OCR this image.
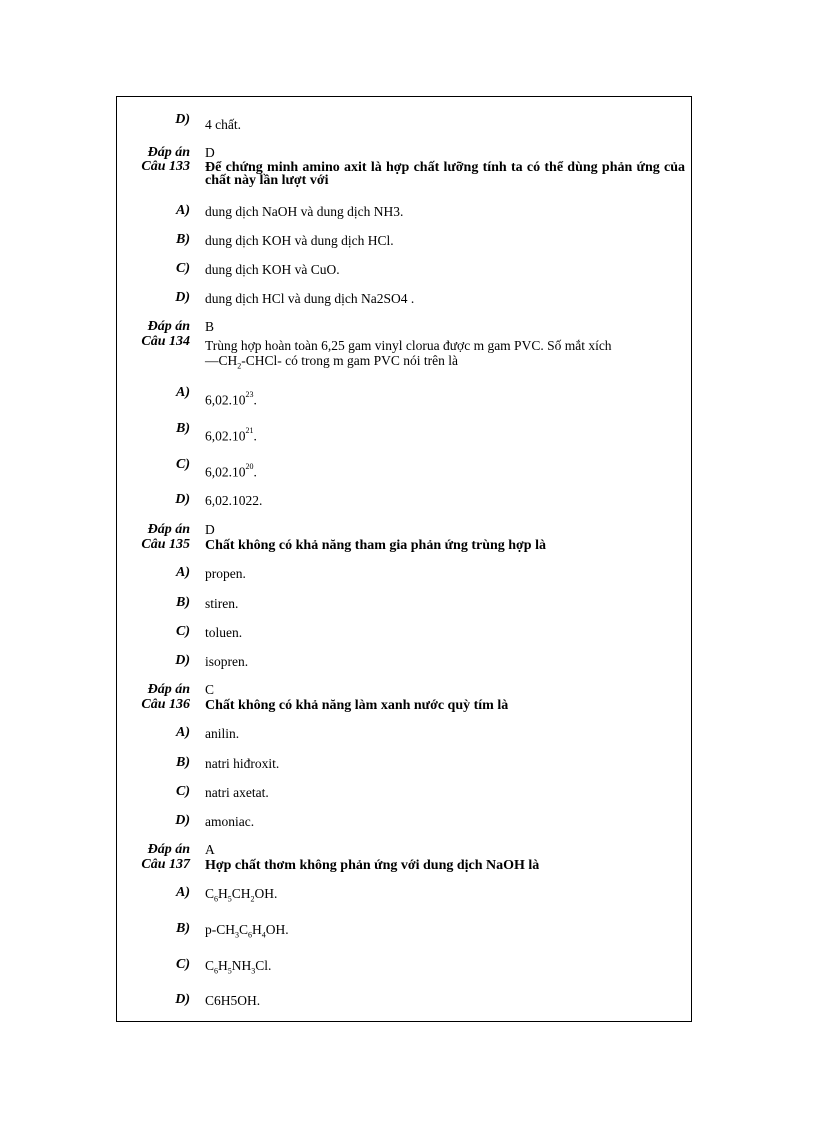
D) 4 chất.
Đáp án D
Câu 133 Để chứng minh amino axit là hợp chất lưỡng tính ta có thể dùng phản ứng của chất này lần lượt với
A) dung dịch NaOH và dung dịch NH3.
B) dung dịch KOH và dung dịch HCl.
C) dung dịch KOH và CuO.
D) dung dịch HCl và dung dịch Na2SO4 .
Đáp án B
Câu 134 Trùng hợp hoàn toàn 6,25 gam vinyl clorua được m gam PVC. Số mắt xích
$—CH_2-CHCl-$ có trong m gam PVC nói trên là
A) 6,02.10$^{23}$.
B) 6,02.10$^{21}$.
C) 6,02.10$^{20}$.
D) 6,02.1022.
Đáp án D
Câu 135 Chất không có khả năng tham gia phản ứng trùng hợp là
A) propen.
B) stiren.
C) toluen.
D) isopren.
Đáp án C
Câu 136 Chất không có khả năng làm xanh nước quỳ tím là
A) anilin.
B) natri hiđroxit.
C) natri axetat.
D) amoniac.
Đáp án A
Câu 137 Hợp chất thơm không phản ứng với dung dịch NaOH là
A) $C_6H_5CH_2OH$.
B) $p-CH_3C_6H_4OH$.
C) $C_6H_5NH_3Cl$.
D) C6H5OH.
